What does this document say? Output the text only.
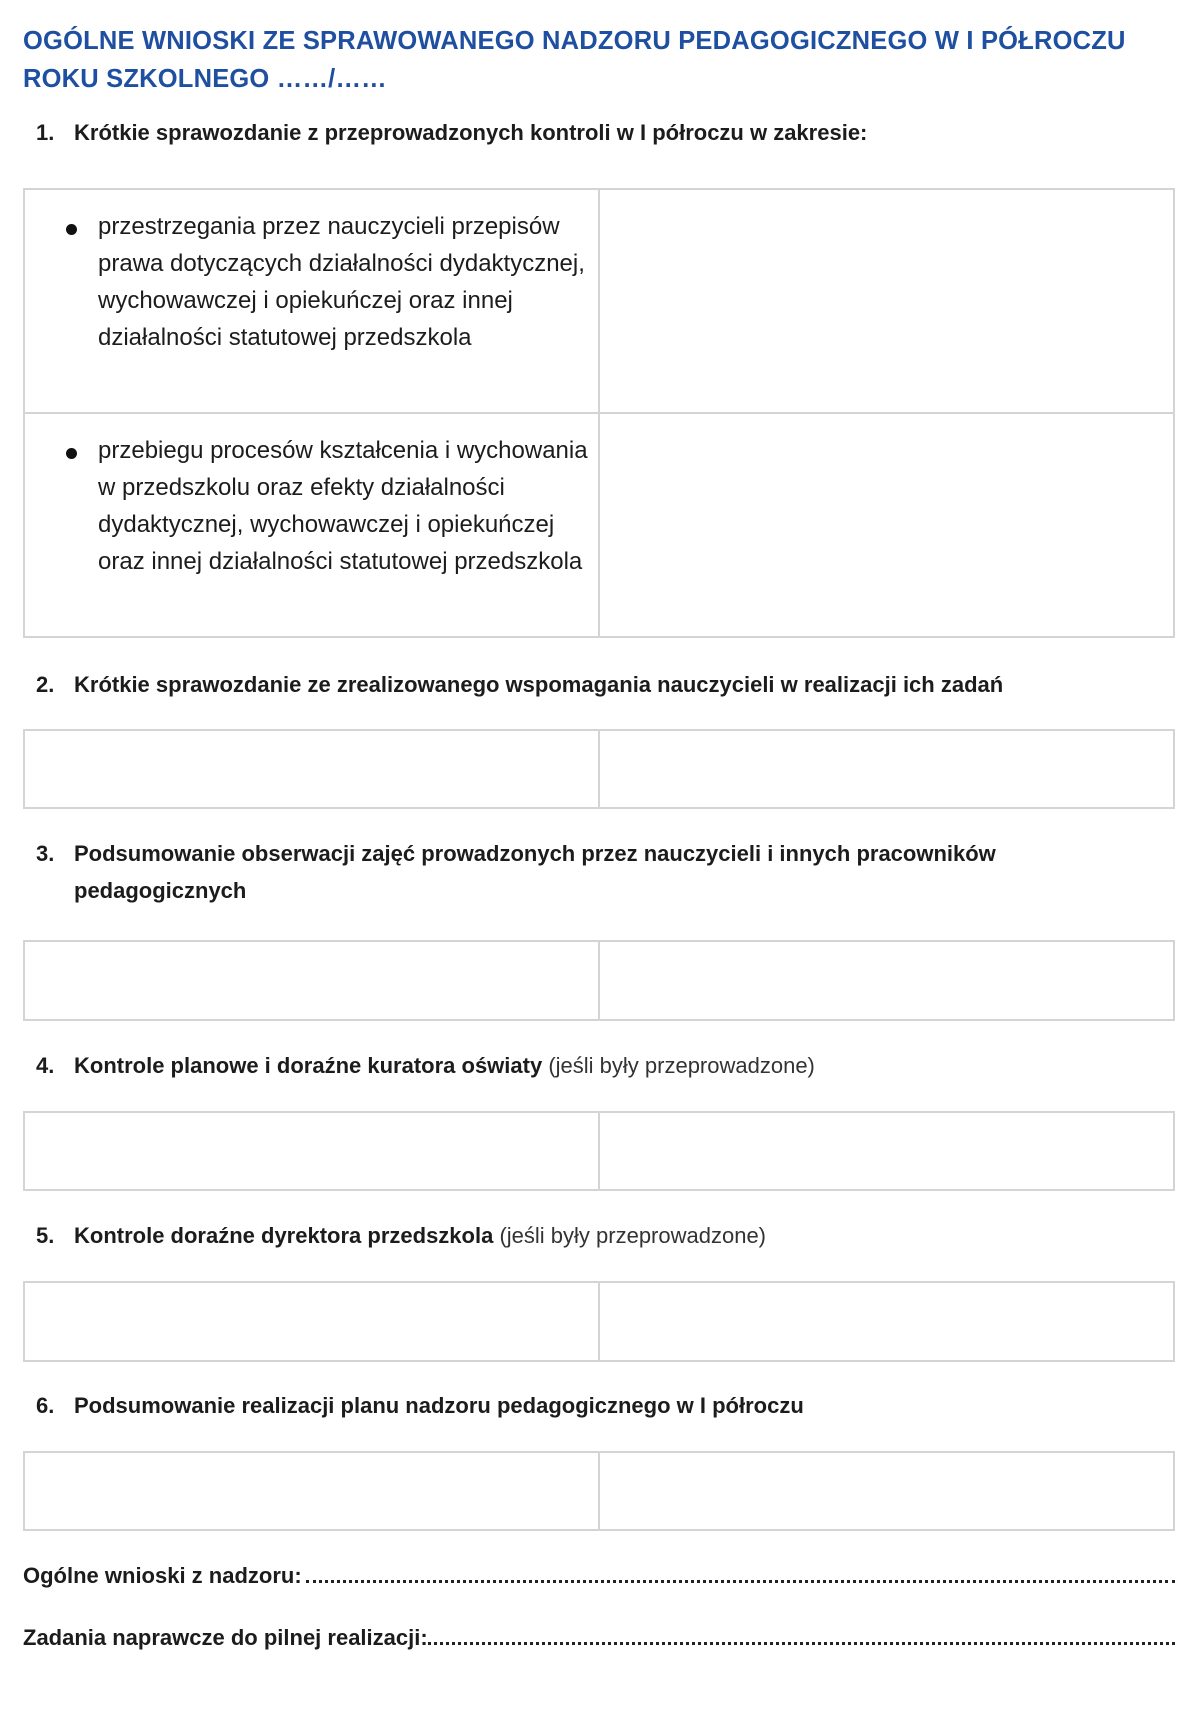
OGÓLNE WNIOSKI ZE SPRAWOWANEGO NADZORU PEDAGOGICZNEGO W I PÓŁROCZU
ROKU SZKOLNEGO ……/……
1. Krótkie sprawozdanie z przeprowadzonych kontroli w I półroczu w zakresie:
przestrzegania przez nauczycieli przepisów prawa dotyczących działalności dydaktycznej, wychowawczej i opiekuńczej oraz innej działalności statutowej przedszkola
przebiegu procesów kształcenia i wychowania w przedszkolu oraz efekty działalności dydaktycznej, wychowawczej i opiekuńczej oraz innej działalności statutowej przedszkola
2. Krótkie sprawozdanie ze zrealizowanego wspomagania nauczycieli w realizacji ich zadań
3. Podsumowanie obserwacji zajęć prowadzonych przez nauczycieli i innych pracowników pedagogicznych
4. Kontrole planowe i doraźne kuratora oświaty (jeśli były przeprowadzone)
5. Kontrole doraźne dyrektora przedszkola (jeśli były przeprowadzone)
6. Podsumowanie realizacji planu nadzoru pedagogicznego w I półroczu
Ogólne wnioski z nadzoru:
Zadania naprawcze do pilnej realizacji:
